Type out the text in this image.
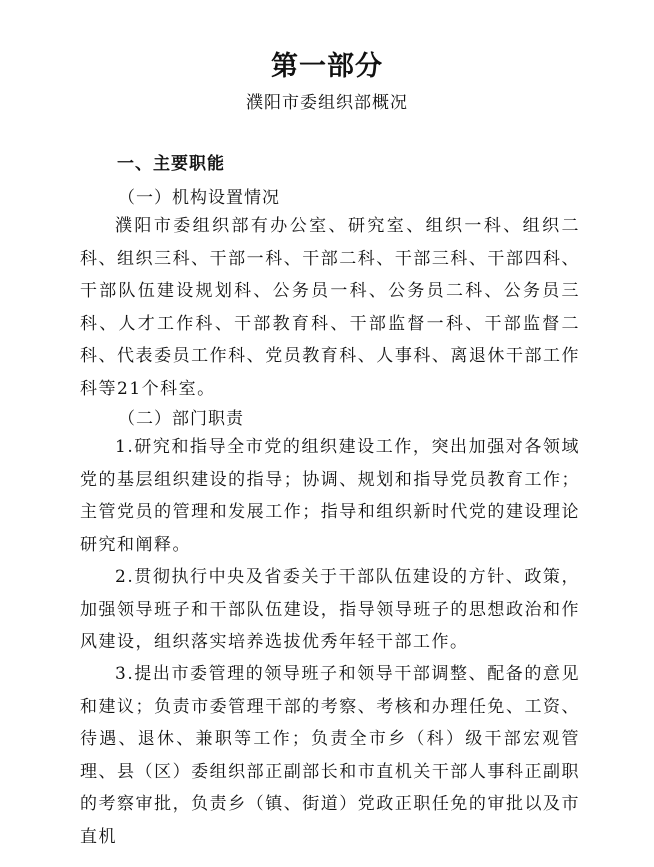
第一部分
濮阳市委组织部概况
一、主要职能
（一）机构设置情况
濮阳市委组织部有办公室、研究室、组织一科、组织二科、组织三科、干部一科、干部二科、干部三科、干部四科、干部队伍建设规划科、公务员一科、公务员二科、公务员三科、人才工作科、干部教育科、干部监督一科、干部监督二科、代表委员工作科、党员教育科、人事科、离退休干部工作科等21个科室。
（二）部门职责
1.研究和指导全市党的组织建设工作，突出加强对各领域党的基层组织建设的指导；协调、规划和指导党员教育工作；主管党员的管理和发展工作；指导和组织新时代党的建设理论研究和阐释。
2.贯彻执行中央及省委关于干部队伍建设的方针、政策，加强领导班子和干部队伍建设，指导领导班子的思想政治和作风建设，组织落实培养选拔优秀年轻干部工作。
3.提出市委管理的领导班子和领导干部调整、配备的意见和建议；负责市委管理干部的考察、考核和办理任免、工资、待遇、退休、兼职等工作；负责全市乡（科）级干部宏观管理、县（区）委组织部正副部长和市直机关干部人事科正副职的考察审批，负责乡（镇、街道）党政正职任免的审批以及市直机
